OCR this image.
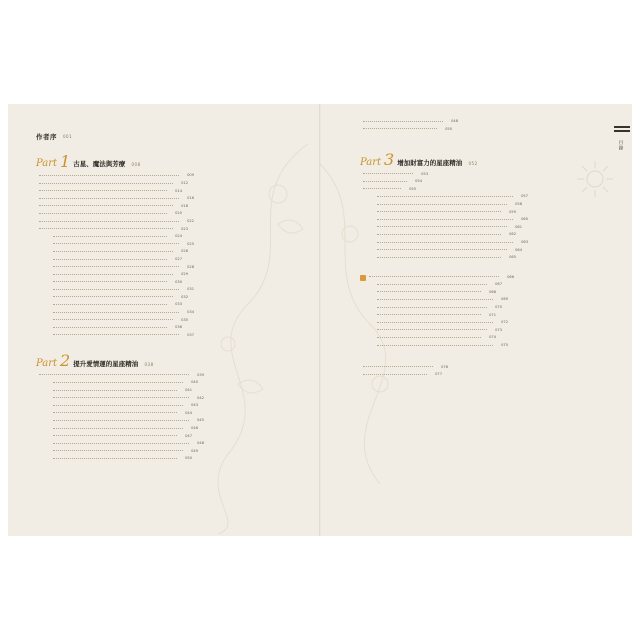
作者序 001
Part 1 古星、魔法與芳療 008
009
012
014
016
018
020
022
023
024
025
026
027
028
029
030
031
032
033
034
035
036
037
Part 2 提升愛情運的星座精油 038
039
040
041
042
043
044
045
046
047
048
049
050
目錄
048
050
Part 3 增加財富力的星座精油 052
053
054
055
057
058
059
060
061
062
063
064
065
066
067
068
069
070
071
072
073
074
075
076
077
